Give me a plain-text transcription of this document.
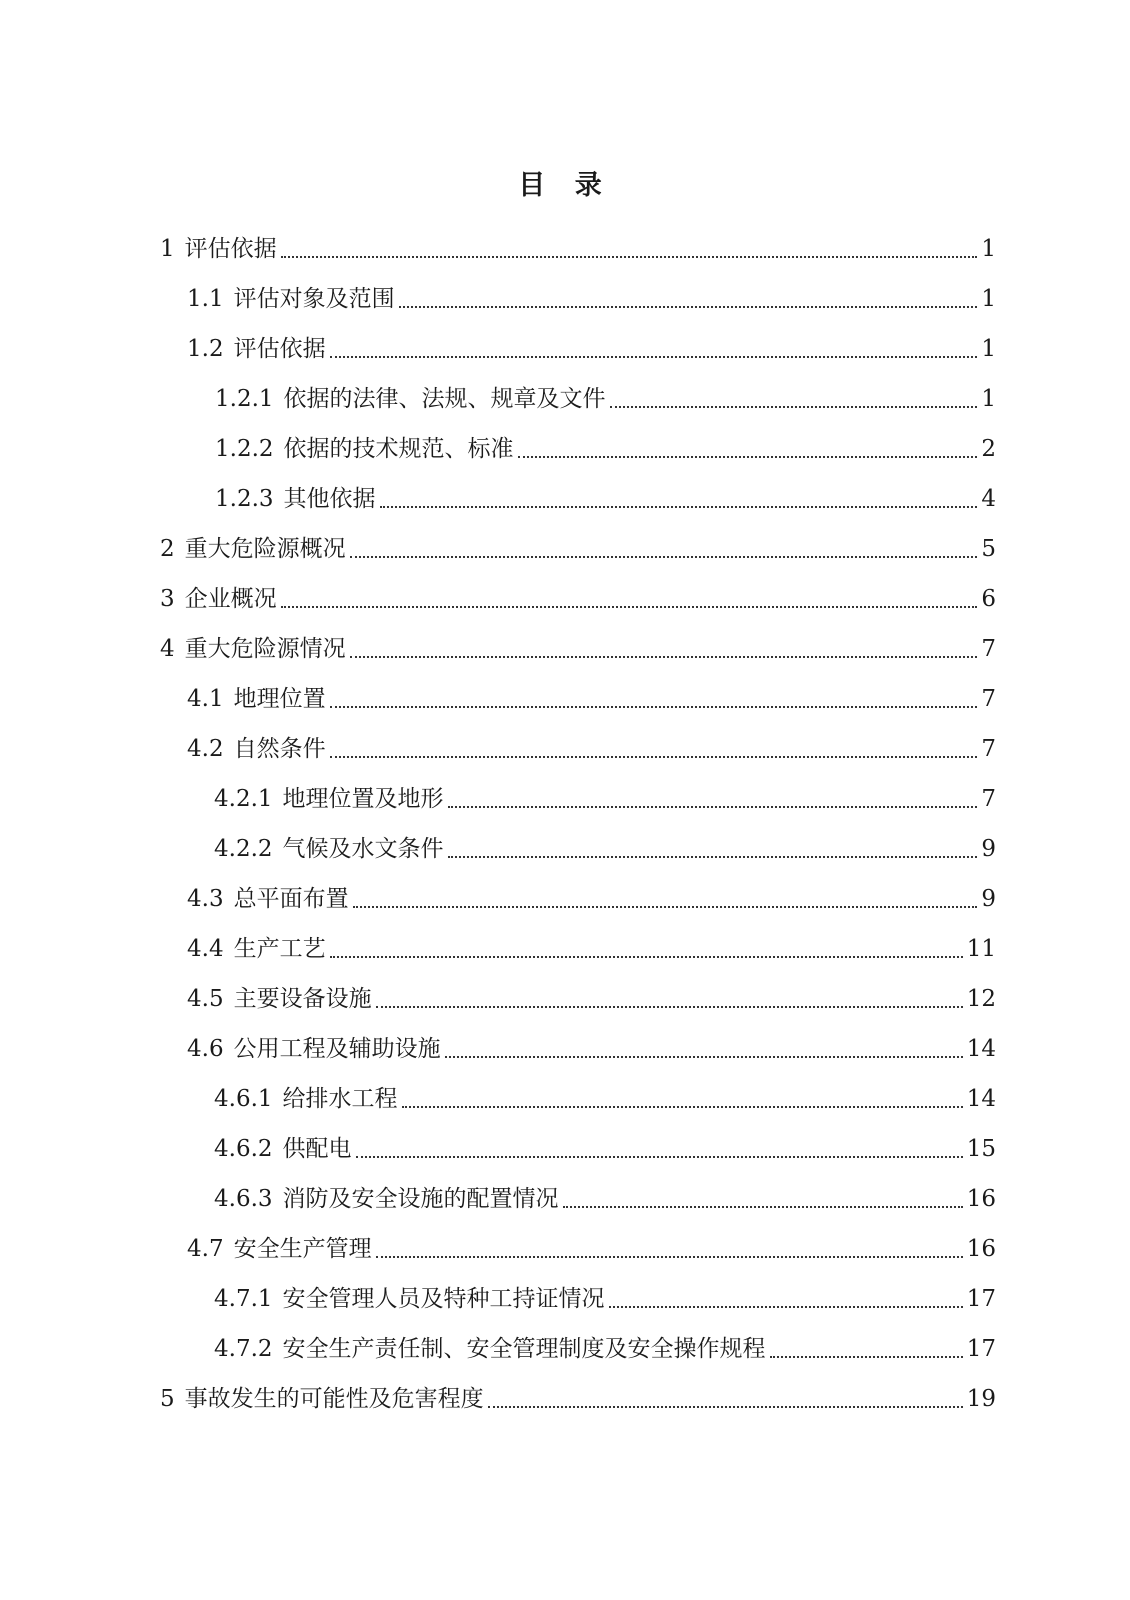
目 录
1 评估依据	1
1.1 评估对象及范围	1
1.2 评估依据	1
1.2.1 依据的法律、法规、规章及文件	1
1.2.2 依据的技术规范、标准	2
1.2.3 其他依据	4
2 重大危险源概况	5
3 企业概况	6
4 重大危险源情况	7
4.1 地理位置	7
4.2 自然条件	7
4.2.1 地理位置及地形	7
4.2.2 气候及水文条件	9
4.3 总平面布置	9
4.4 生产工艺	11
4.5 主要设备设施	12
4.6 公用工程及辅助设施	14
4.6.1 给排水工程	14
4.6.2 供配电	15
4.6.3 消防及安全设施的配置情况	16
4.7 安全生产管理	16
4.7.1 安全管理人员及特种工持证情况	17
4.7.2 安全生产责任制、安全管理制度及安全操作规程	17
5 事故发生的可能性及危害程度	19
